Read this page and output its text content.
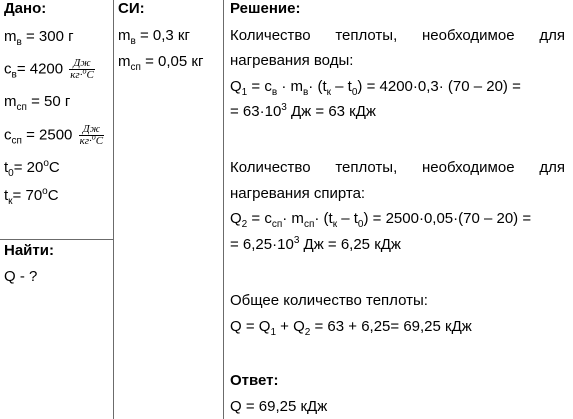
Дано:
$m_в = 300$ г
$c_в= 4200 \frac{Дж}{кг\cdot^oC}$
$m_{сп} = 50$ г
$c_{сп} = 2500 \frac{Дж}{кг\cdot^oC}$
$t_0= 20^oC$
$t_к= 70^oC$
Найти:
Q - ?
СИ:
$m_в = 0,3$ кг
$m_{сп} = 0,05$ кг
Решение:
Количество теплоты, необходимое для
нагревания воды:
$Q_1 = c_в \cdot m_в\cdot (t_к - t_0) = 4200\cdot 0,3\cdot (70 - 20)$ =
= $63\cdot 10^3$ Дж = 63 кДж
Количество теплоты, необходимое для
нагревания спирта:
$Q_2 = c_{сп}\cdot m_{сп}\cdot (t_к - t_0) = 2500\cdot 0,05\cdot(70 - 20)$ =
= $6,25\cdot 10^3$ Дж = 6,25 кДж
Общее количество теплоты:
$Q = Q_1 + Q_2 = 63 + 6,25= 69,25$ кДж
Ответ:
Q = 69,25 кДж
